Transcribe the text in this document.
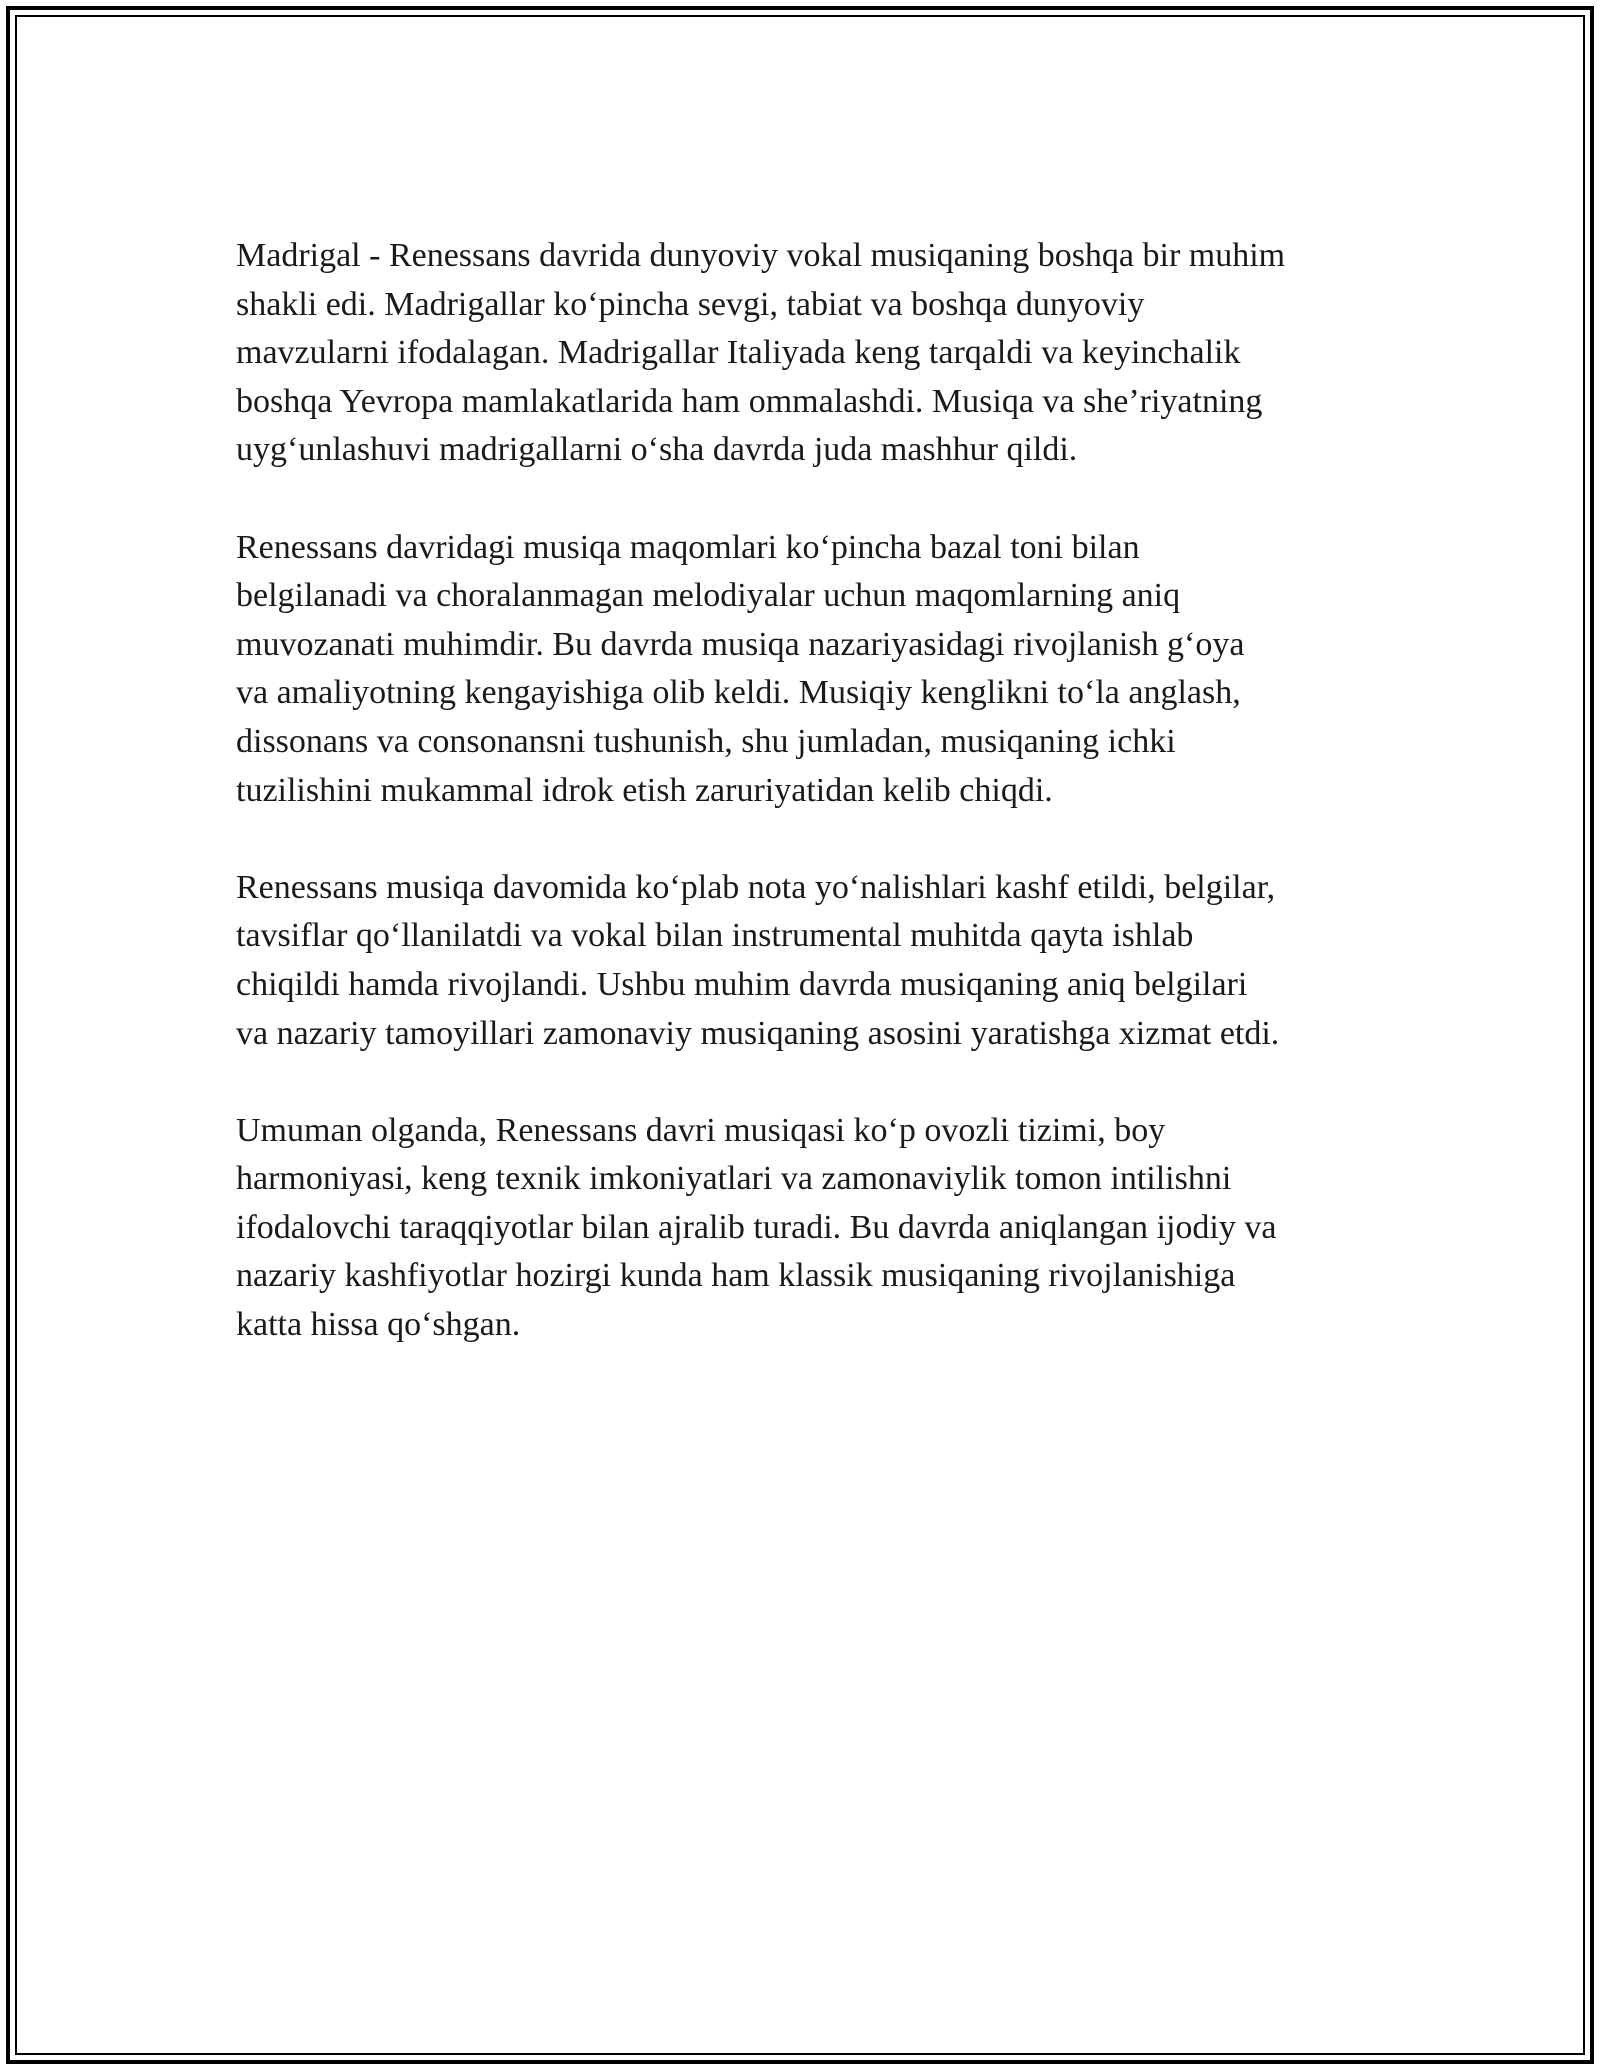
Madrigal - Renessans davrida dunyoviy vokal musiqaning boshqa bir muhim
shakli edi. Madrigallar ko‘pincha sevgi, tabiat va boshqa dunyoviy
mavzularni ifodalagan. Madrigallar Italiyada keng tarqaldi va keyinchalik
boshqa Yevropa mamlakatlarida ham ommalashdi. Musiqa va she’riyatning
uyg‘unlashuvi madrigallarni o‘sha davrda juda mashhur qildi.

Renessans davridagi musiqa maqomlari ko‘pincha bazal toni bilan
belgilanadi va choralanmagan melodiyalar uchun maqomlarning aniq
muvozanati muhimdir. Bu davrda musiqa nazariyasidagi rivojlanish g‘oya
va amaliyotning kengayishiga olib keldi. Musiqiy kenglikni to‘la anglash,
dissonans va consonansni tushunish, shu jumladan, musiqaning ichki
tuzilishini mukammal idrok etish zaruriyatidan kelib chiqdi.

Renessans musiqa davomida ko‘plab nota yo‘nalishlari kashf etildi, belgilar,
tavsiflar qo‘llanilatdi va vokal bilan instrumental muhitda qayta ishlab
chiqildi hamda rivojlandi. Ushbu muhim davrda musiqaning aniq belgilari
va nazariy tamoyillari zamonaviy musiqaning asosini yaratishga xizmat etdi.

Umuman olganda, Renessans davri musiqasi ko‘p ovozli tizimi, boy
harmoniyasi, keng texnik imkoniyatlari va zamonaviylik tomon intilishni
ifodalovchi taraqqiyotlar bilan ajralib turadi. Bu davrda aniqlangan ijodiy va
nazariy kashfiyotlar hozirgi kunda ham klassik musiqaning rivojlanishiga
katta hissa qo‘shgan.
